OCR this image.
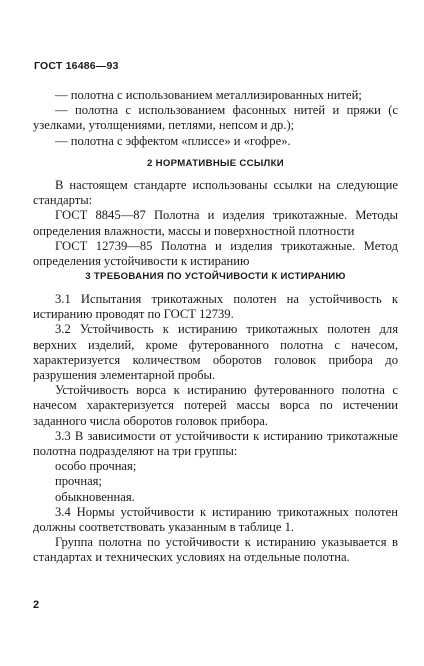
ГОСТ 16486—93

— полотна с использованием металлизированных нитей;

— полотна с использованием фасонных нитей и пряжи (с узелками, утолщениями, петлями, непсом и др.);

— полотна с эффектом «плиссе» и «гофре».

2 НОРМАТИВНЫЕ ССЫЛКИ

В настоящем стандарте использованы ссылки на следующие стандарты:

ГОСТ 8845—87 Полотна и изделия трикотажные. Методы определения влажности, массы и поверхностной плотности

ГОСТ 12739—85 Полотна и изделия трикотажные. Метод определения устойчивости к истиранию

3 ТРЕБОВАНИЯ ПО УСТОЙЧИВОСТИ К ИСТИРАНИЮ

3.1 Испытания трикотажных полотен на устойчивость к истиранию проводят по ГОСТ 12739.

3.2 Устойчивость к истиранию трикотажных полотен для верхних изделий, кроме футерованного полотна с начесом, характеризуется количеством оборотов головок прибора до разрушения элементарной пробы.

Устойчивость ворса к истиранию футерованного полотна с начесом характеризуется потерей массы ворса по истечении заданного числа оборотов головок прибора.

3.3 В зависимости от устойчивости к истиранию трикотажные полотна подразделяют на три группы:

особо прочная;

прочная;

обыкновенная.

3.4 Нормы устойчивости к истиранию трикотажных полотен должны соответствовать указанным в таблице 1.

Группа полотна по устойчивости к истиранию указывается в стандартах и технических условиях на отдельные полотна.

2
